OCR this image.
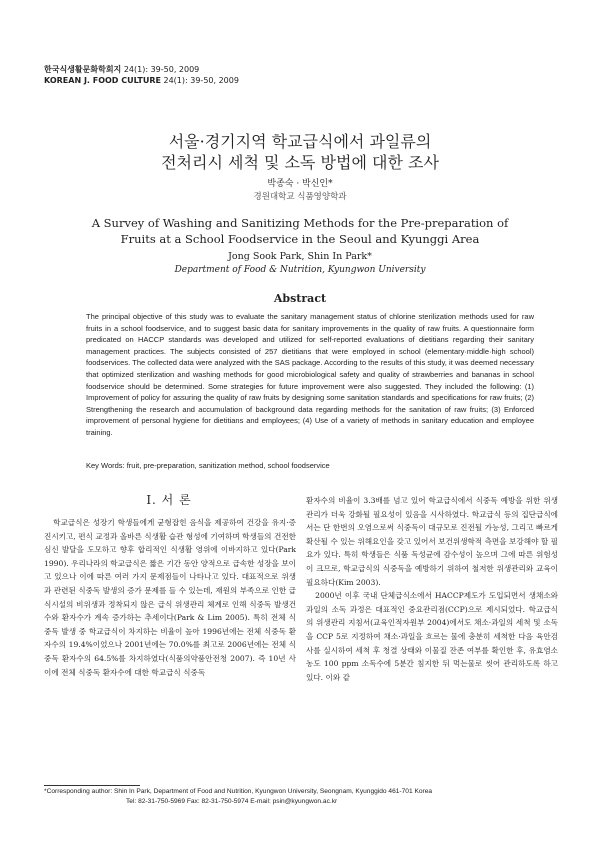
한국식생활문화학회지 24(1): 39-50, 2009
KOREAN J. FOOD CULTURE 24(1): 39-50, 2009
서울·경기지역 학교급식에서 과일류의
전처리시 세척 및 소독 방법에 대한 조사
박종숙 · 박신인*
경원대학교 식품영양학과
A Survey of Washing and Sanitizing Methods for the Pre-preparation of
Fruits at a School Foodservice in the Seoul and Kyunggi Area
Jong Sook Park, Shin In Park*
Department of Food & Nutrition, Kyungwon University
Abstract

The principal objective of this study was to evaluate the sanitary management status of chlorine sterilization methods used for raw fruits in a school foodservice, and to suggest basic data for sanitary improvements in the quality of raw fruits. A questionnaire form predicated on HACCP standards was developed and utilized for self-reported evaluations of dietitians regarding their sanitary management practices. The subjects consisted of 257 dietitians that were employed in school (elementary·middle·high school) foodservices. The collected data were analyzed with the SAS package. According to the results of this study, it was deemed necessary that optimized sterilization and washing methods for good microbiological safety and quality of strawberries and bananas in school foodservice should be determined. Some strategies for future improvement were also suggested. They included the following: (1) Improvement of policy for assuring the quality of raw fruits by designing some sanitation standards and specifications for raw fruits; (2) Strengthening the research and accumulation of background data regarding methods for the sanitation of raw fruits; (3) Enforced improvement of personal hygiene for dietitians and employees; (4) Use of a variety of methods in sanitary education and employee training.

Key Words: fruit, pre-preparation, sanitization method, school foodservice

I. 서 론

학교급식은 성장기 학생들에게 균형잡힌 음식을 제공하여 건강을 유지·증진시키고, 편식 교정과 올바른 식생활 습관 형성에 기여하며 학생들의 건전한 심신 발달을 도모하고 향후 합리적인 식생활 영위에 이바지하고 있다(Park 1990). 우리나라의 학교급식은 짧은 기간 동안 양적으로 급속한 성장을 보이고 있으나 이에 따른 여러 가지 문제점들이 나타나고 있다. 대표적으로 위생과 관련된 식중독 발생의 증가 문제를 들 수 있는데, 재원의 부족으로 인한 급식시설의 비위생과 정착되지 않은 급식 위생관리 체계로 인해 식중독 발생건수와 환자수가 계속 증가하는 추세이다(Park & Lim 2005). 특히 전체 식중독 발생 중 학교급식이 차지하는 비율이 높아 1996년에는 전체 식중독 환자수의 19.4%이었으나 2001년에는 70.0%를 최고로 2006년에는 전체 식중독 환자수의 64.5%를 차지하였다(식품의약품안전청 2007). 즉 10년 사이에 전체 식중독 환자수에 대한 학교급식 식중독

환자수의 비율이 3.3배를 넘고 있어 학교급식에서 식중독 예방을 위한 위생관리가 더욱 강화될 필요성이 있음을 시사하였다. 학교급식 등의 집단급식에서는 단 한번의 오염으로써 식중독이 대규모로 진전될 가능성, 그리고 빠르게 확산될 수 있는 위해요인을 갖고 있어서 보건위생학적 측면을 보강해야 할 필요가 있다. 특히 학생들은 식품 독성균에 감수성이 높으며 그에 따른 위험성이 크므로, 학교급식의 식중독을 예방하기 위하여 철저한 위생관리와 교육이 필요하다(Kim 2003).

2000년 이후 국내 단체급식소에서 HACCP제도가 도입되면서 생채소와 과일의 소독 과정은 대표적인 중요관리점(CCP)으로 제시되었다. 학교급식의 위생관리 지침서(교육인적자원부 2004)에서도 채소·과일의 세척 및 소독을 CCP 5로 지정하여 채소·과일을 흐르는 물에 충분히 세척한 다음 육안검사를 실시하여 세척 후 청결 상태와 이물질 잔존 여부를 확인한 후, 유효염소 농도 100 ppm 소독수에 5분간 침지한 뒤 먹는물로 씻어 관리하도록 하고 있다. 이와 같

*Corresponding author: Shin In Park, Department of Food and Nutrition, Kyungwon University, Seongnam, Kyunggido 461-701 Korea
Tel: 82-31-750-5969 Fax: 82-31-750-5974 E-mail: psin@kyungwon.ac.kr
